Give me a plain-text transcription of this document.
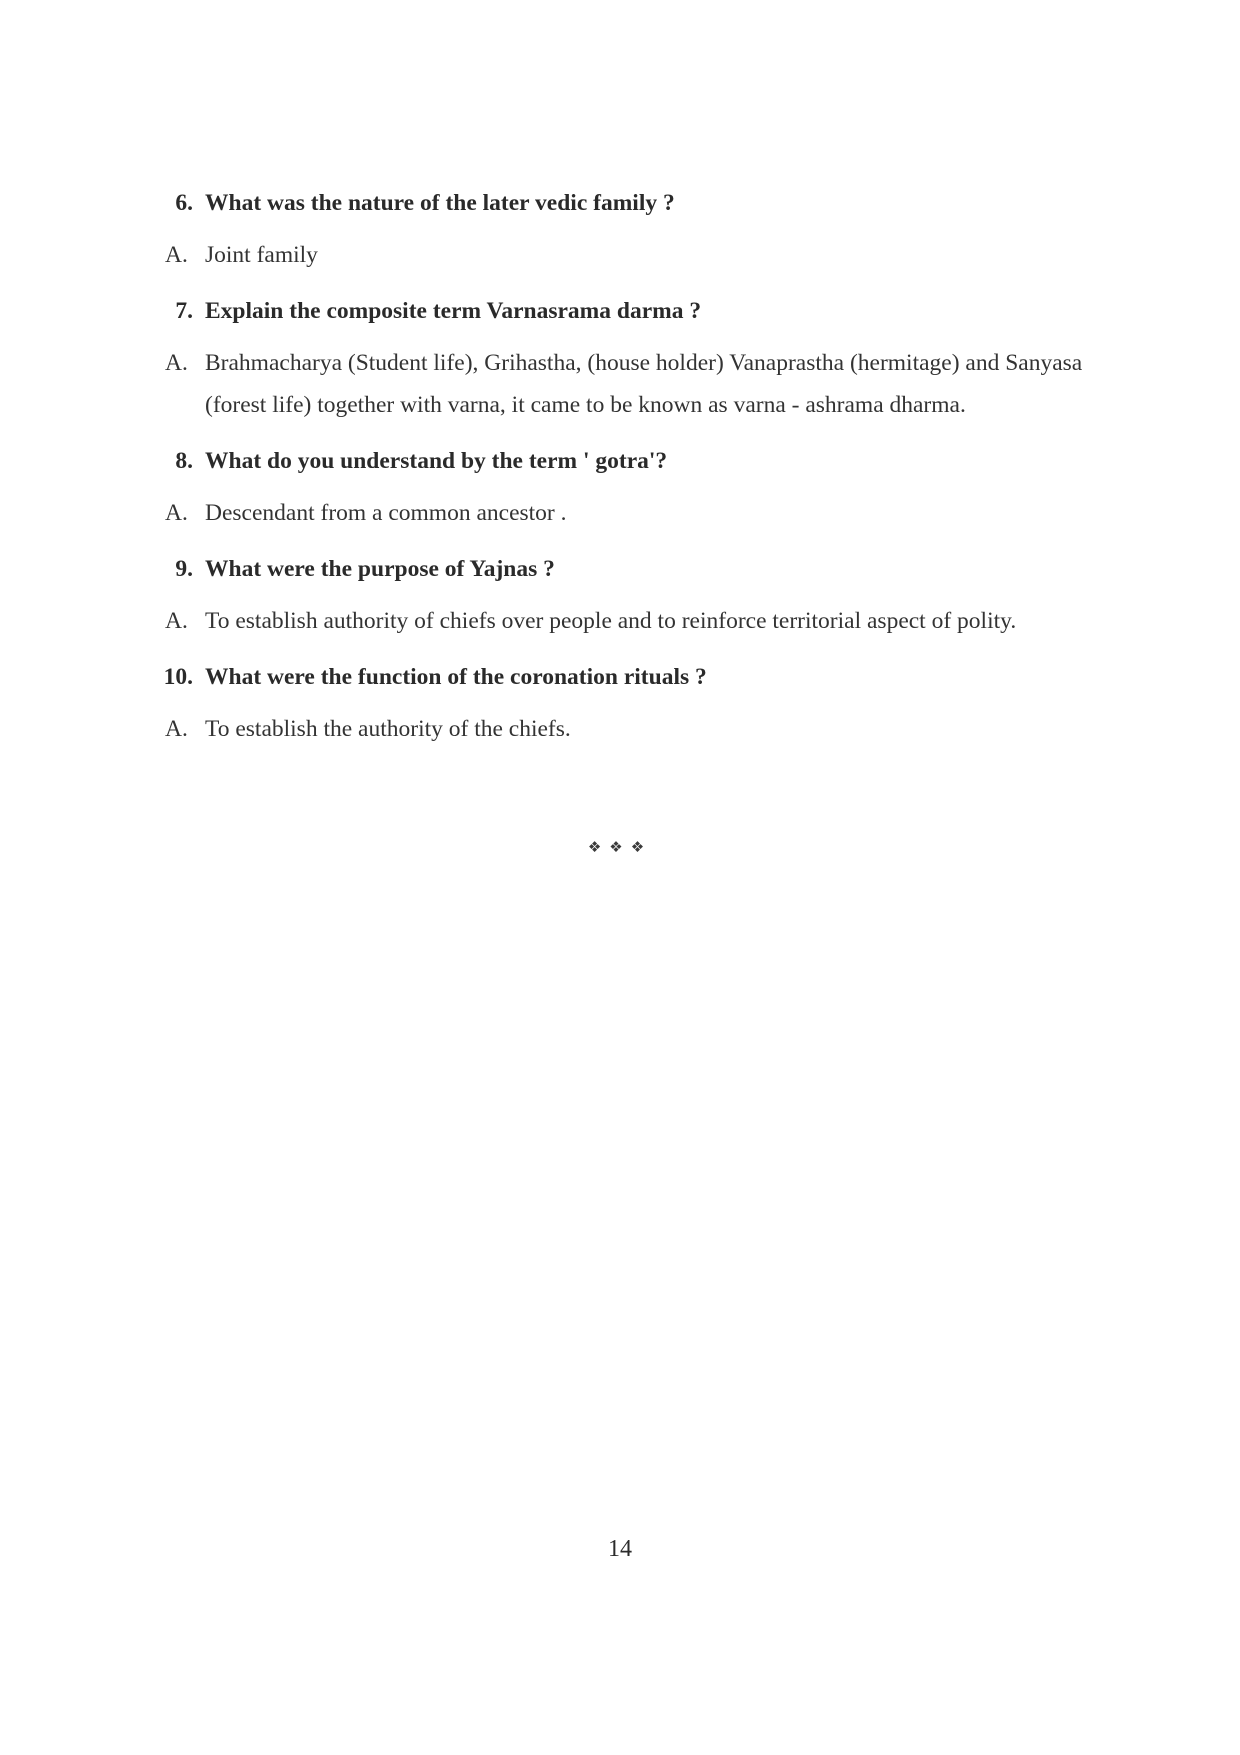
6. What was the nature of the later vedic family ?
A. Joint family
7. Explain the composite term Varnasrama darma ?
A. Brahmacharya (Student life), Grihastha, (house holder) Vanaprastha (hermitage) and Sanyasa (forest life) together with varna, it came to be known as varna - ashrama dharma.
8. What do you understand by the term ' gotra'?
A. Descendant from a common ancestor .
9. What were the purpose of Yajnas ?
A. To establish authority of chiefs over people and to reinforce territorial aspect of polity.
10. What were the function of the coronation rituals ?
A. To establish the authority of the chiefs.
❖❖❖
14
